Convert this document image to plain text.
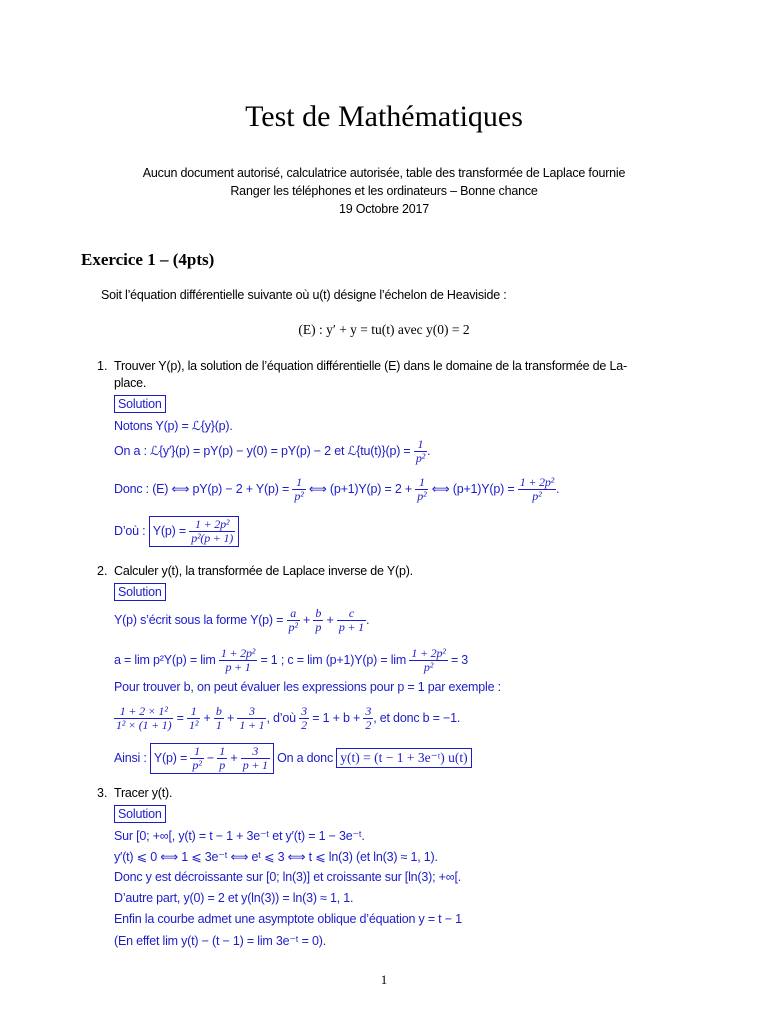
Test de Mathématiques
Aucun document autorisé, calculatrice autorisée, table des transformée de Laplace fournie
Ranger les téléphones et les ordinateurs – Bonne chance
19 Octobre 2017
Exercice 1 – (4pts)
Soit l’équation différentielle suivante où u(t) désigne l’échelon de Heaviside :
(E) : y′ + y = tu(t) avec y(0) = 2
1. Trouver Y(p), la solution de l’équation différentielle (E) dans le domaine de la transformée de La-
place.
Solution
Notons Y(p) = ℒ{y}(p).
On a : ℒ{y′}(p) = pY(p) − y(0) = pY(p) − 2 et ℒ{tu(t)}(p) = $\frac{1}{\text{p²}}$ .
Donc : (E) ⟺ $pY(p) - 2 + Y(p) = \frac{1}{\text{p²}}$ ⟺ $(p+1)Y(p) = 2 + \frac{1}{\text{p²}}$ ⟺ $(p+1)Y(p) = \frac{\text{1 + 2p²}}{\text{p²}}$ .
D’où : $Y(p) = \frac{\text{1 + 2p²}}{\text{p²(p + 1)}}$
2. Calculer y(t), la transformée de Laplace inverse de Y(p).
Solution
Y(p) s’écrit sous la forme $Y(p) = \frac{a}{\text{p²}} + \frac{b}{p} + \frac{c}{p + 1}$ .
$a = \lim p^2Y(p) = \lim \frac{\text{1 + 2p²}}{p + 1} = 1$ ; $c = \lim (p+1)Y(p) = \lim \frac{\text{1 + 2p²}}{\text{p²}} = 3$
Pour trouver b, on peut évaluer les expressions pour p = 1 par exemple :
$\frac{\text{1 + 2 × 1²}}{\text{1² × (1 + 1)}} = \frac{1}{\text{1²}} + \frac{b}{1} + \frac{3}{1 + 1}$ , d’où $\frac{3}{2} = 1 + b + \frac{3}{2}$ , et donc b = −1.
Ainsi : $Y(p) = \frac{1}{\text{p²}} - \frac{1}{p} + \frac{3}{p + 1}$ On a donc y(t) = (t − 1 + 3e⁻ᵗ) u(t)
3. Tracer y(t).
Solution
Sur [0; +∞[, y(t) = t − 1 + 3e⁻ᵗ et y′(t) = 1 − 3e⁻ᵗ.
y′(t) ⩽ 0 ⟺ 1 ⩽ 3e⁻ᵗ ⟺ eᵗ ⩽ 3 ⟺ t ⩽ ln(3) (et ln(3) ≈ 1, 1).
Donc y est décroissante sur [0; ln(3)] et croissante sur [ln(3); +∞[.
D’autre part, y(0) = 2 et y(ln(3)) = ln(3) ≈ 1, 1.
Enfin la courbe admet une asymptote oblique d’équation y = t − 1
(En effet lim y(t) − (t − 1) = lim 3e⁻ᵗ = 0).
1
